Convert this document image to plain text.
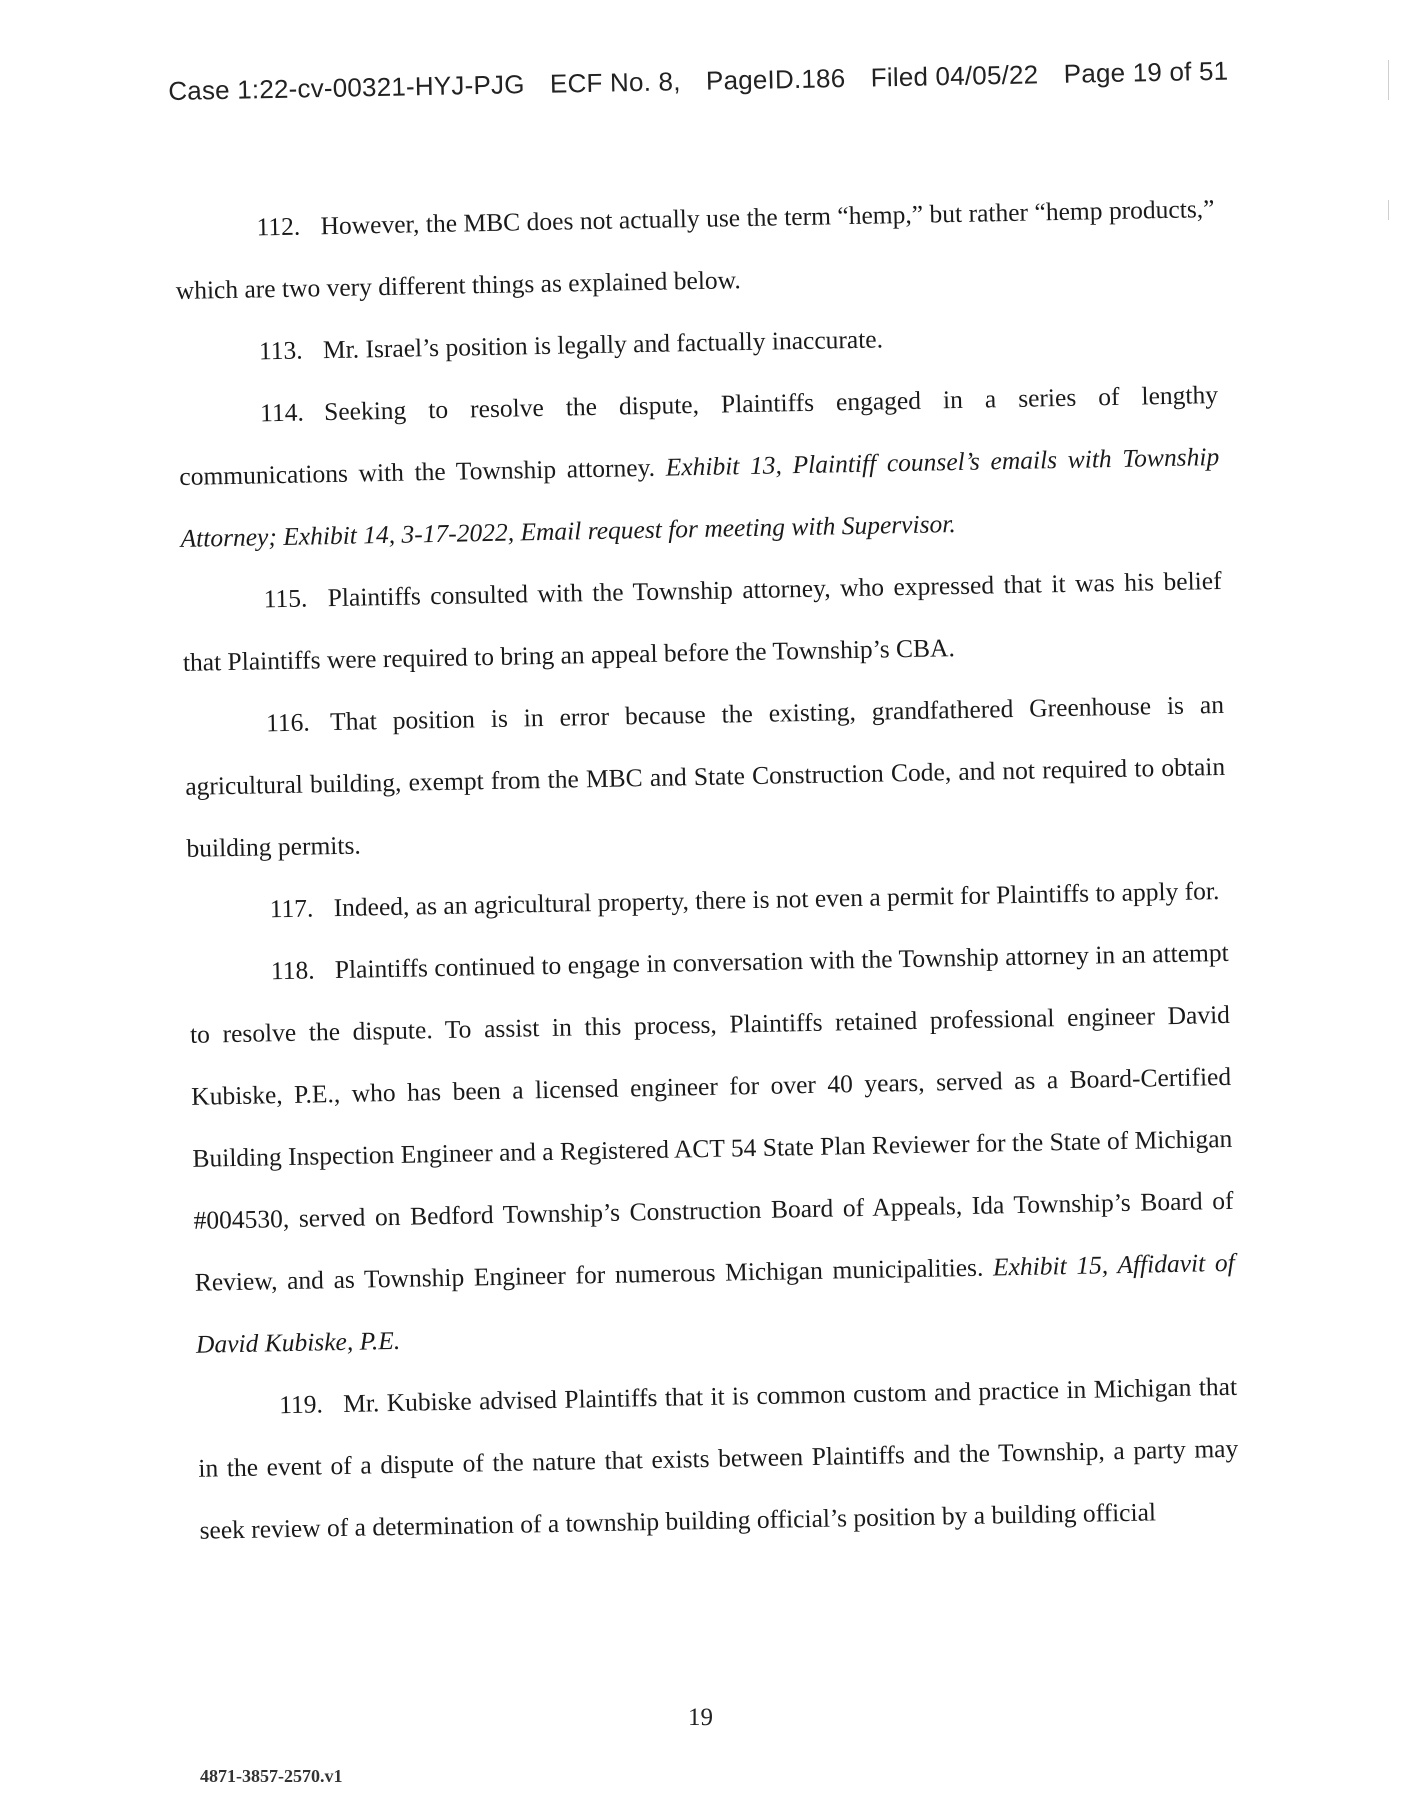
Case 1:22-cv-00321-HYJ-PJG ECF No. 8, PageID.186 Filed 04/05/22 Page 19 of 51

112. However, the MBC does not actually use the term “hemp,” but rather “hemp products,” which are two very different things as explained below.

113. Mr. Israel’s position is legally and factually inaccurate.

114. Seeking to resolve the dispute, Plaintiffs engaged in a series of lengthy communications with the Township attorney. Exhibit 13, Plaintiff counsel’s emails with Township Attorney; Exhibit 14, 3-17-2022, Email request for meeting with Supervisor.

115. Plaintiffs consulted with the Township attorney, who expressed that it was his belief that Plaintiffs were required to bring an appeal before the Township’s CBA.

116. That position is in error because the existing, grandfathered Greenhouse is an agricultural building, exempt from the MBC and State Construction Code, and not required to obtain building permits.

117. Indeed, as an agricultural property, there is not even a permit for Plaintiffs to apply for.

118. Plaintiffs continued to engage in conversation with the Township attorney in an attempt to resolve the dispute. To assist in this process, Plaintiffs retained professional engineer David Kubiske, P.E., who has been a licensed engineer for over 40 years, served as a Board-Certified Building Inspection Engineer and a Registered ACT 54 State Plan Reviewer for the State of Michigan #004530, served on Bedford Township’s Construction Board of Appeals, Ida Township’s Board of Review, and as Township Engineer for numerous Michigan municipalities. Exhibit 15, Affidavit of David Kubiske, P.E.

119. Mr. Kubiske advised Plaintiffs that it is common custom and practice in Michigan that in the event of a dispute of the nature that exists between Plaintiffs and the Township, a party may seek review of a determination of a township building official’s position by a building official

19
4871-3857-2570.v1
